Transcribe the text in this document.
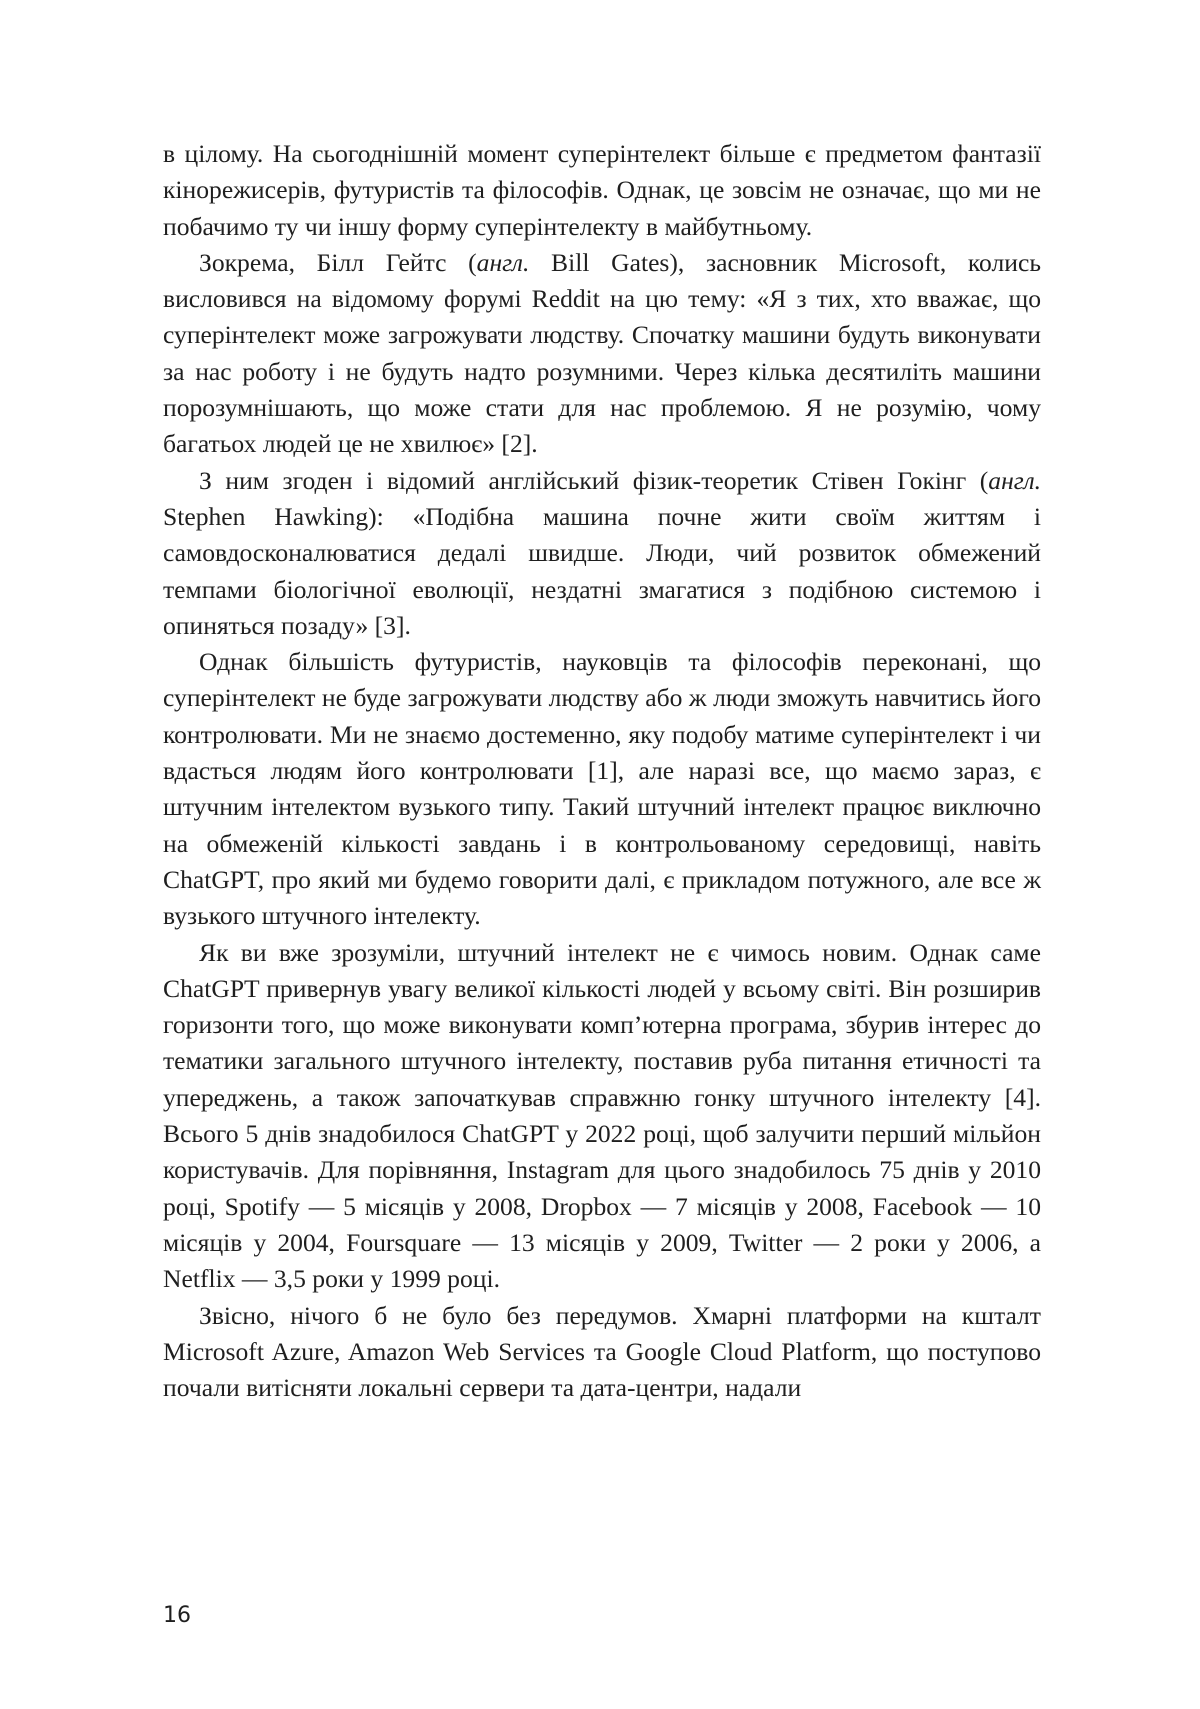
в цілому. На сьогоднішній момент суперінтелект більше є предметом фантазії кінорежисерів, футуристів та філософів. Однак, це зовсім не означає, що ми не побачимо ту чи іншу форму суперінтелекту в майбутньому.

Зокрема, Білл Гейтс (англ. Bill Gates), засновник Microsoft, колись висловився на відомому форумі Reddit на цю тему: «Я з тих, хто вважає, що суперінтелект може загрожувати людству. Спочатку машини будуть виконувати за нас роботу і не будуть надто розумними. Через кілька десятиліть машини порозумнішають, що може стати для нас проблемою. Я не розумію, чому багатьох людей це не хвилює» [2].

З ним згоден і відомий англійський фізик-теоретик Стівен Гокінг (англ. Stephen Hawking): «Подібна машина почне жити своїм життям і самовдосконалюватися дедалі швидше. Люди, чий розвиток обмежений темпами біологічної еволюції, нездатні змагатися з подібною системою і опиняться позаду» [3].

Однак більшість футуристів, науковців та філософів переконані, що суперінтелект не буде загрожувати людству або ж люди зможуть навчитись його контролювати. Ми не знаємо достеменно, яку подобу матиме суперінтелект і чи вдасться людям його контролювати [1], але наразі все, що маємо зараз, є штучним інтелектом вузького типу. Такий штучний інтелект працює виключно на обмеженій кількості завдань і в контрольованому середовищі, навіть ChatGPT, про який ми будемо говорити далі, є прикладом потужного, але все ж вузького штучного інтелекту.

Як ви вже зрозуміли, штучний інтелект не є чимось новим. Однак саме ChatGPT привернув увагу великої кількості людей у всьому світі. Він розширив горизонти того, що може виконувати комп’ютерна програма, збурив інтерес до тематики загального штучного інтелекту, поставив руба питання етичності та упереджень, а також започаткував справжню гонку штучного інтелекту [4]. Всього 5 днів знадобилося ChatGPT у 2022 році, щоб залучити перший мільйон користувачів. Для порівняння, Instagram для цього знадобилось 75 днів у 2010 році, Spotify — 5 місяців у 2008, Dropbox — 7 місяців у 2008, Facebook — 10 місяців у 2004, Foursquare — 13 місяців у 2009, Twitter — 2 роки у 2006, а Netflix — 3,5 роки у 1999 році.

Звісно, нічого б не було без передумов. Хмарні платформи на кшталт Microsoft Azure, Amazon Web Services та Google Cloud Platform, що поступово почали витісняти локальні сервери та дата-центри, надали

16
